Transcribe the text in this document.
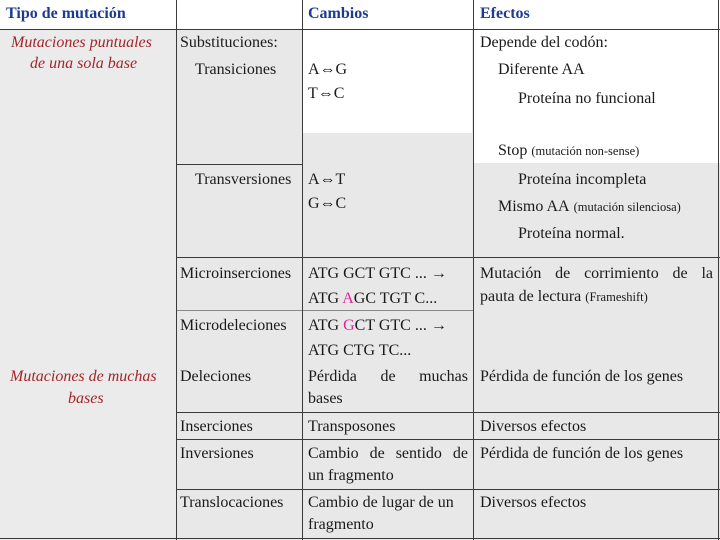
Tipo de mutación	Cambios	Efectos
Mutaciones puntuales
de una sola base
Mutaciones de muchas
bases
Substituciones:
Transiciones
Transversiones
Microinserciones
Microdeleciones
Deleciones
Inserciones
Inversiones
Translocaciones
A⇔G
T⇔C
A⇔T
G⇔C
ATG GCT GTC ... →
ATG AGC TGT C...
ATG GCT GTC ... →
ATG CTG TC...
Pérdida de muchas
bases
Transposones
Cambio de sentido de
un fragmento
Cambio de lugar de un
fragmento
Depende del codón:
Diferente AA
Proteína no funcional
Stop (mutación non-sense)
Proteína incompleta
Mismo AA (mutación silenciosa)
Proteína normal.
Mutación de corrimiento de la
pauta de lectura (Frameshift)
Pérdida de función de los genes
Diversos efectos
Pérdida de función de los genes
Diversos efectos
